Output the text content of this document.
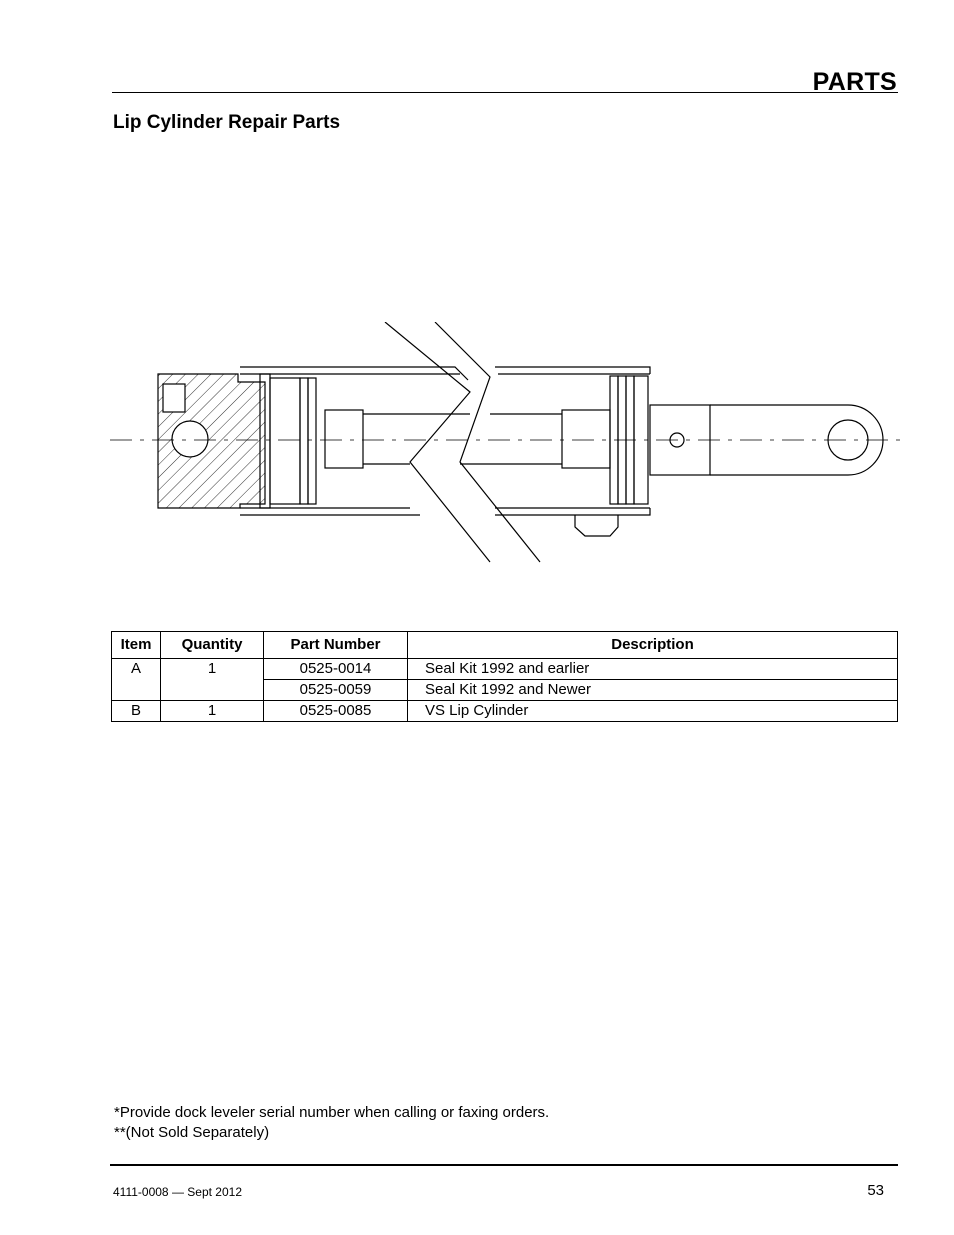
PARTS
Lip Cylinder Repair Parts
Item	Quantity	Part Number	Description
A	1	0525-0014	Seal Kit 1992 and earlier
		0525-0059	Seal Kit 1992 and Newer
B	1	0525-0085	VS Lip Cylinder
*Provide dock leveler serial number when calling or faxing orders.
**(Not Sold Separately)
4111-0008 — Sept 2012	53
